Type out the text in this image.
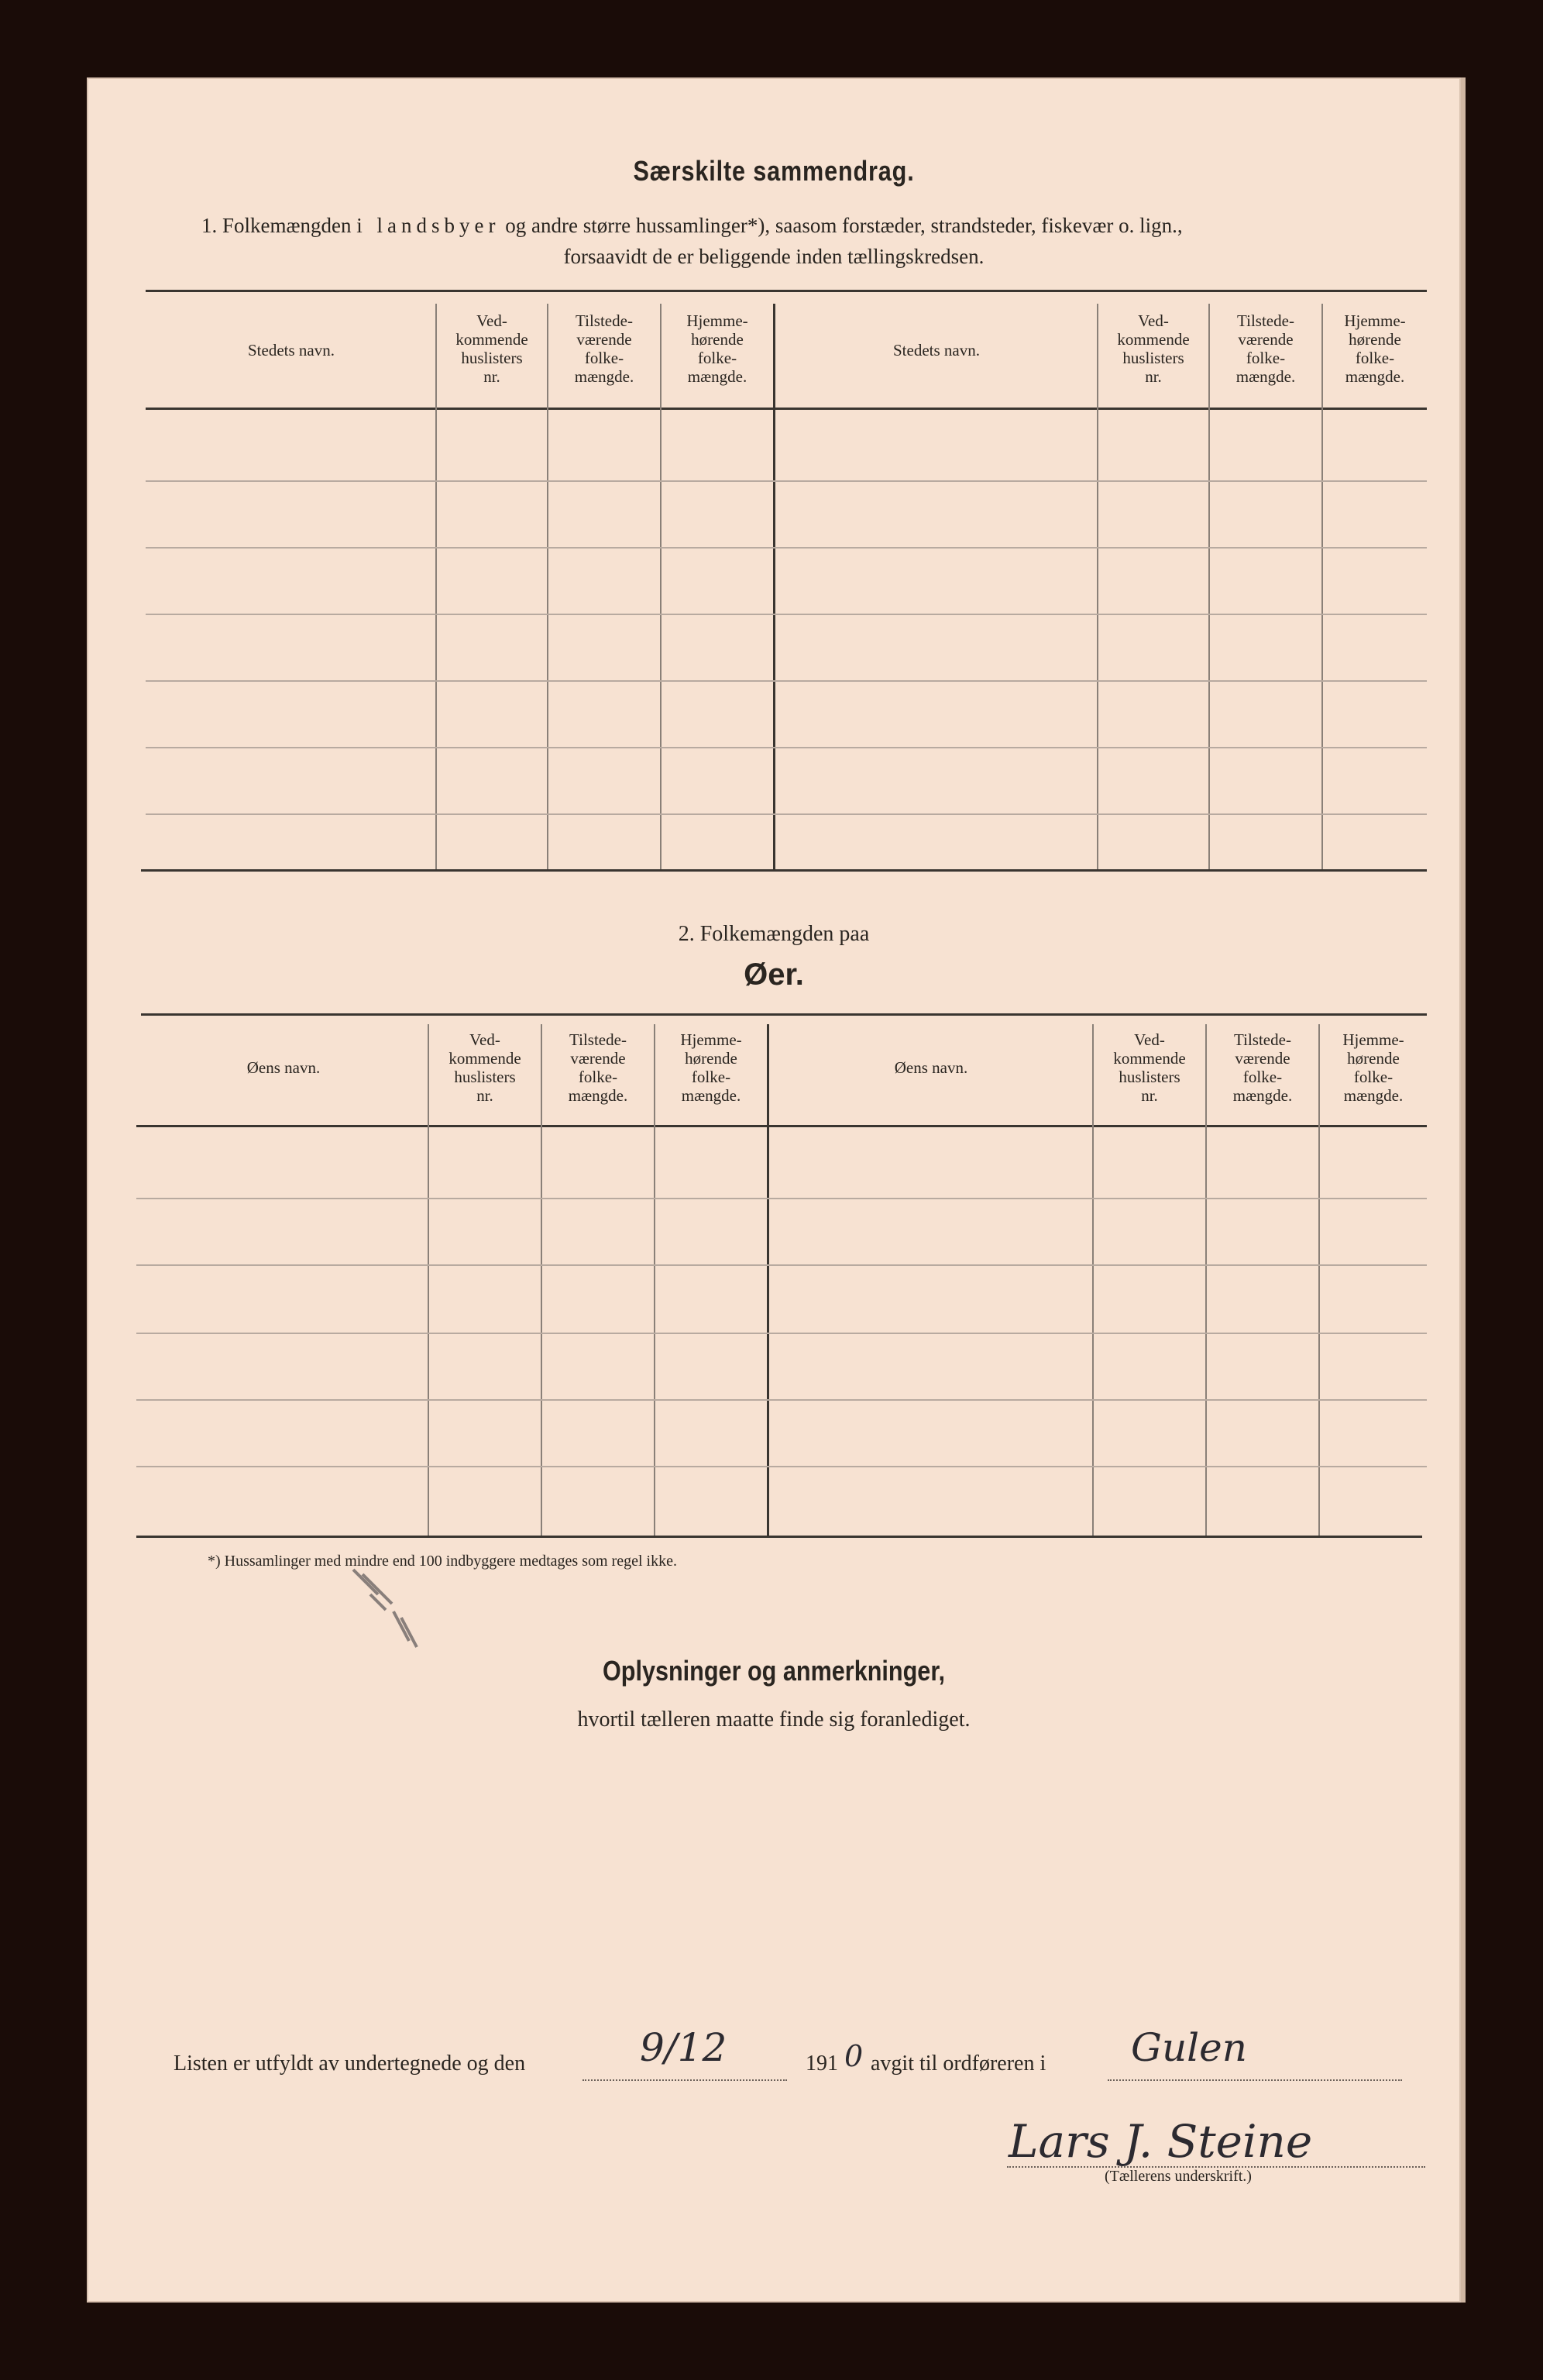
Særskilte sammendrag.
1. Folkemængden i landsbyer og andre større hussamlinger*), saasom forstæder, strandsteder, fiskevær o. lign.,
forsaavidt de er beliggende inden tællingskredsen.
Stedets navn.
Ved-
kommende
huslisters
nr.
Tilstede-
værende
folke-
mængde.
Hjemme-
hørende
folke-
mængde.
Stedets navn.
Ved-
kommende
huslisters
nr.
Tilstede-
værende
folke-
mængde.
Hjemme-
hørende
folke-
mængde.
2. Folkemængden paa
Øer.
Øens navn.
Ved-
kommende
huslisters
nr.
Tilstede-
værende
folke-
mængde.
Hjemme-
hørende
folke-
mængde.
Øens navn.
Ved-
kommende
huslisters
nr.
Tilstede-
værende
folke-
mængde.
Hjemme-
hørende
folke-
mængde.
*) Hussamlinger med mindre end 100 indbyggere medtages som regel ikke.
Oplysninger og anmerkninger,
hvortil tælleren maatte finde sig foranlediget.
Listen er utfyldt av undertegnede og den	9/12	191 0 avgit til ordføreren i Gulen
Lars J. Steine
(Tællerens underskrift.)
